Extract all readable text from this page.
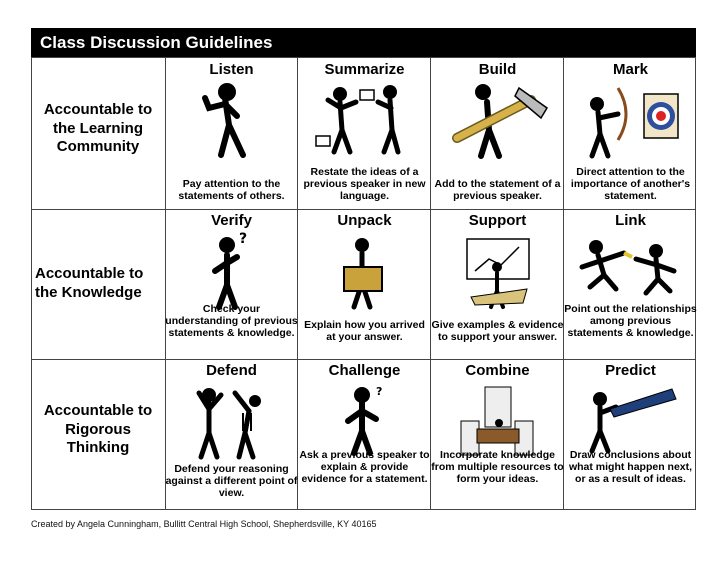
Class Discussion Guidelines
Accountable to the Learning Community
Accountable to the Knowledge
Accountable to Rigorous Thinking
Listen
Pay attention to the statements of others.
Summarize
Restate the ideas of a previous speaker in new language.
Build
Add to the statement of a previous speaker.
Mark
Direct attention to the importance of another's statement.
Verify
?
Check your understanding of previous statements & knowledge.
Unpack
Explain how you arrived at your answer.
Support
Give examples & evidence to support your answer.
Link
Point out the relationships among previous statements & knowledge.
Defend
Defend your reasoning against a different point of view.
Challenge
?
Ask a previous speaker to explain & provide evidence for a statement.
Combine
Incorporate knowledge from multiple resources to form your ideas.
Predict
Draw conclusions about what might happen next, or as a result of ideas.
Created by Angela Cunningham, Bullitt Central High School, Shepherdsville, KY 40165
